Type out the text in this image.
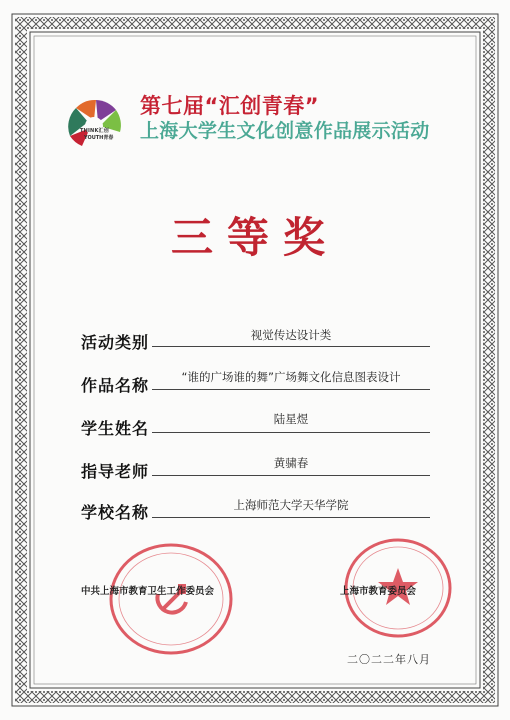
THINK汇创
YOUTH青春
第七届“汇创青春”
上海大学生文化创意作品展示活动
三等奖
活动类别	视觉传达设计类
作品名称	“谁的广场谁的舞”广场舞文化信息图表设计
学生姓名	陆星煜
指导老师	黄骕春
学校名称	上海师范大学天华学院
中共上海市教育卫生工作委员会	上海市教育委员会
二〇二二年八月
